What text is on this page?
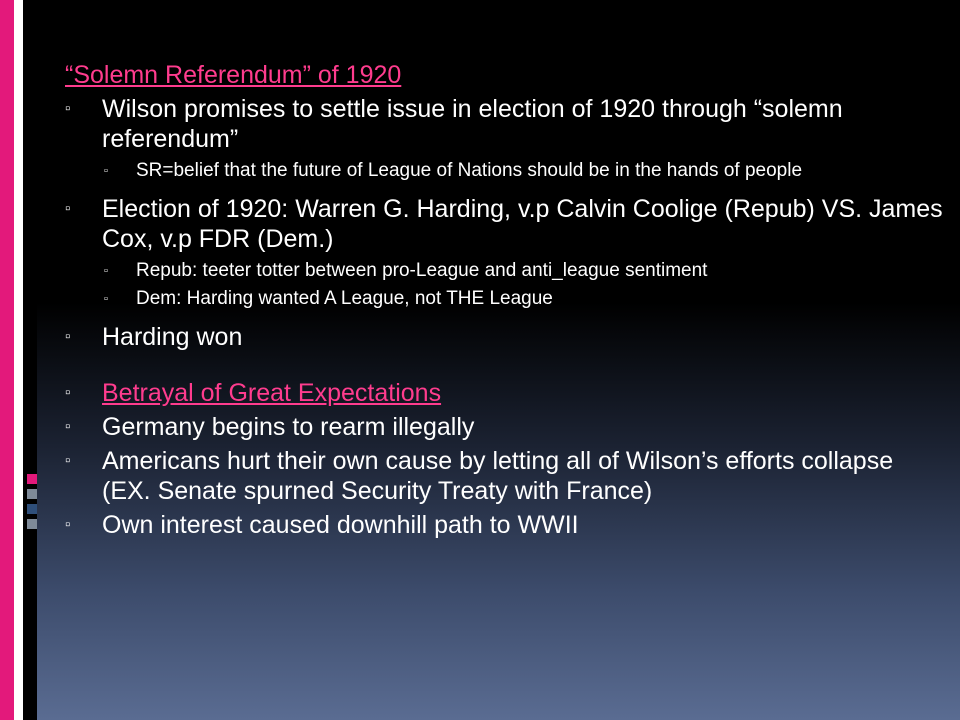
“Solemn Referendum” of 1920
▫	Wilson promises to settle issue in election of 1920 through “solemn referendum”
▫	SR=belief that the future of League of Nations should be in the hands of people
▫	Election of 1920: Warren G. Harding, v.p Calvin Coolige (Repub) VS. James Cox, v.p FDR (Dem.)
▫	Repub: teeter totter between pro-League and anti_league sentiment
▫	Dem: Harding wanted A League, not THE League
▫	Harding won
▫	Betrayal of Great Expectations
▫	Germany begins to rearm illegally
▫	Americans hurt their own cause by letting all of Wilson’s efforts collapse (EX. Senate spurned Security Treaty with France)
▫	Own interest caused downhill path to WWII
